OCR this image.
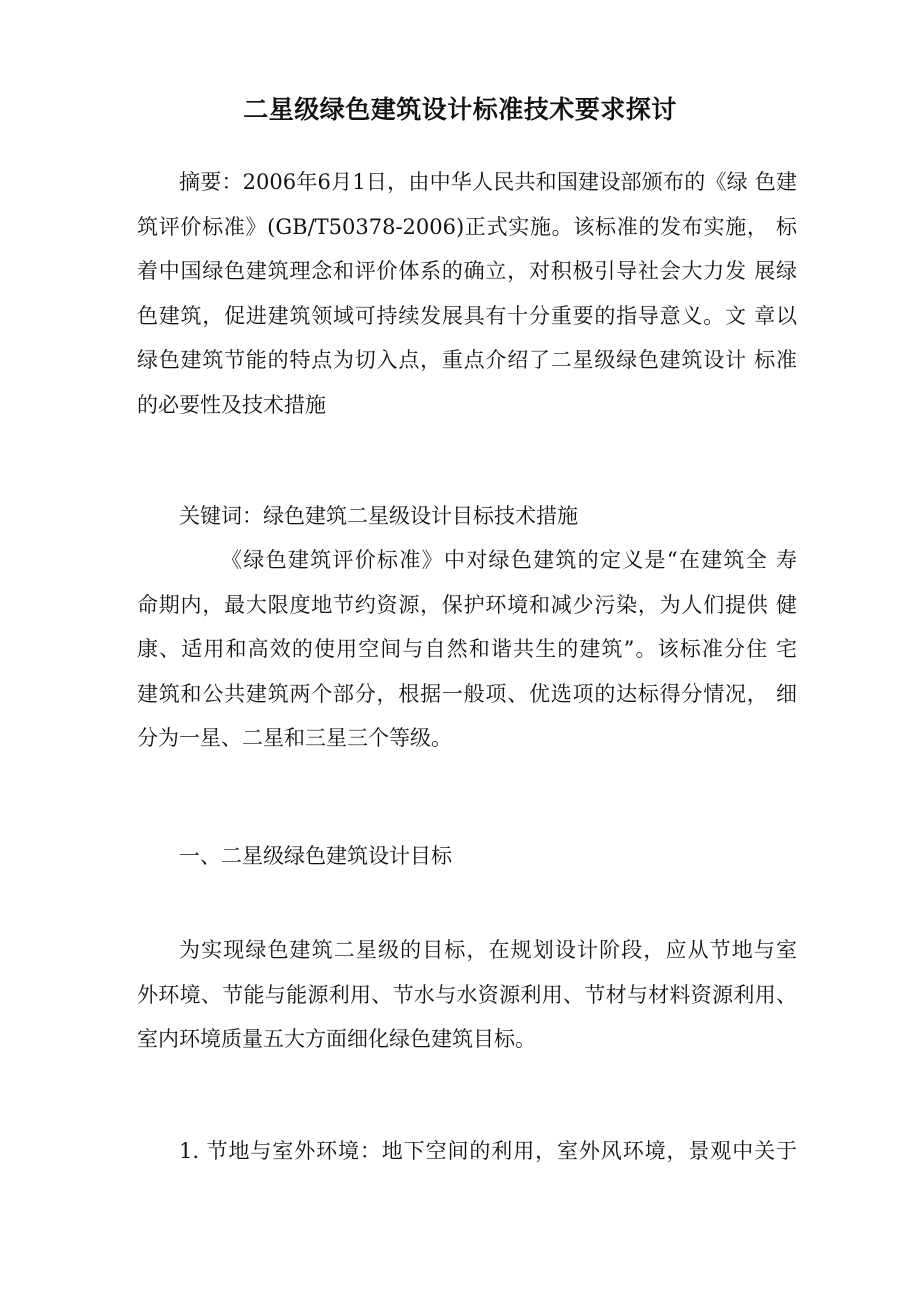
二星级绿色建筑设计标准技术要求探讨
摘要：2006年6月1日，由中华人民共和国建设部颁布的《绿 色建
筑评价标准》(GB/T50378-2006)正式实施。该标准的发布实施， 标
着中国绿色建筑理念和评价体系的确立，对积极引导社会大力发 展绿
色建筑，促进建筑领域可持续发展具有十分重要的指导意义。文 章以
绿色建筑节能的特点为切入点，重点介绍了二星级绿色建筑设计 标准
的必要性及技术措施
关键词：绿色建筑二星级设计目标技术措施
《绿色建筑评价标准》中对绿色建筑的定义是“在建筑全 寿
命期内，最大限度地节约资源，保护环境和减少污染，为人们提供 健
康、适用和高效的使用空间与自然和谐共生的建筑”。该标准分住 宅
建筑和公共建筑两个部分，根据一般项、优选项的达标得分情况， 细
分为一星、二星和三星三个等级。
一、二星级绿色建筑设计目标
为实现绿色建筑二星级的目标，在规划设计阶段，应从节地与室
外环境、节能与能源利用、节水与水资源利用、节材与材料资源利用、
室内环境质量五大方面细化绿色建筑目标。
1. 节地与室外环境：地下空间的利用，室外风环境，景观中关于
